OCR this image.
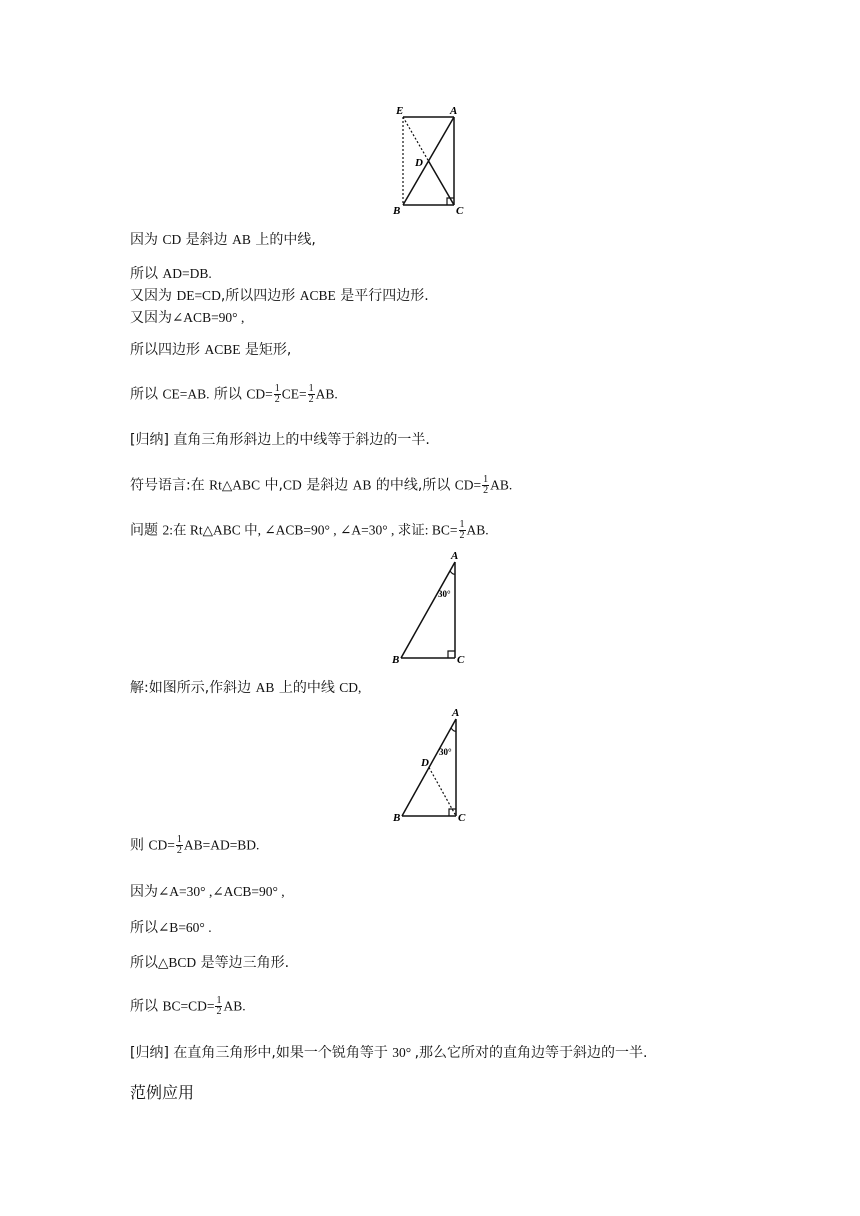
E	A
D
B	C
因为 CD 是斜边 AB 上的中线,
所以 AD=DB.
又因为 DE=CD,所以四边形 ACBE 是平行四边形.
又因为∠ACB=90° ,
所以四边形 ACBE 是矩形,
所以 CE=AB. 所以 $CD= \frac{1}{2} CE= \frac{1}{2}$ AB.
[归纳] 直角三角形斜边上的中线等于斜边的一半.
符号语言:在 Rt△ABC 中,CD 是斜边 AB 的中线,所以 $CD= \frac{1}{2}$ AB.
问题 2:在 Rt△ABC 中, ∠ACB=90° , ∠A=30° , 求证: $BC= \frac{1}{2}$ AB.
A
B	C
30°
解:如图所示,作斜边 AB 上的中线 CD,
A
D
B	C
30°
则 $CD= \frac{1}{2} AB=AD=BD$.
因为∠A=30° ,∠ACB=90° ,
所以∠B=60° .
所以△BCD 是等边三角形.
所以 $BC=CD= \frac{1}{2}$ AB.
[归纳] 在直角三角形中,如果一个锐角等于 30° ,那么它所对的直角边等于斜边的一半.
范例应用
